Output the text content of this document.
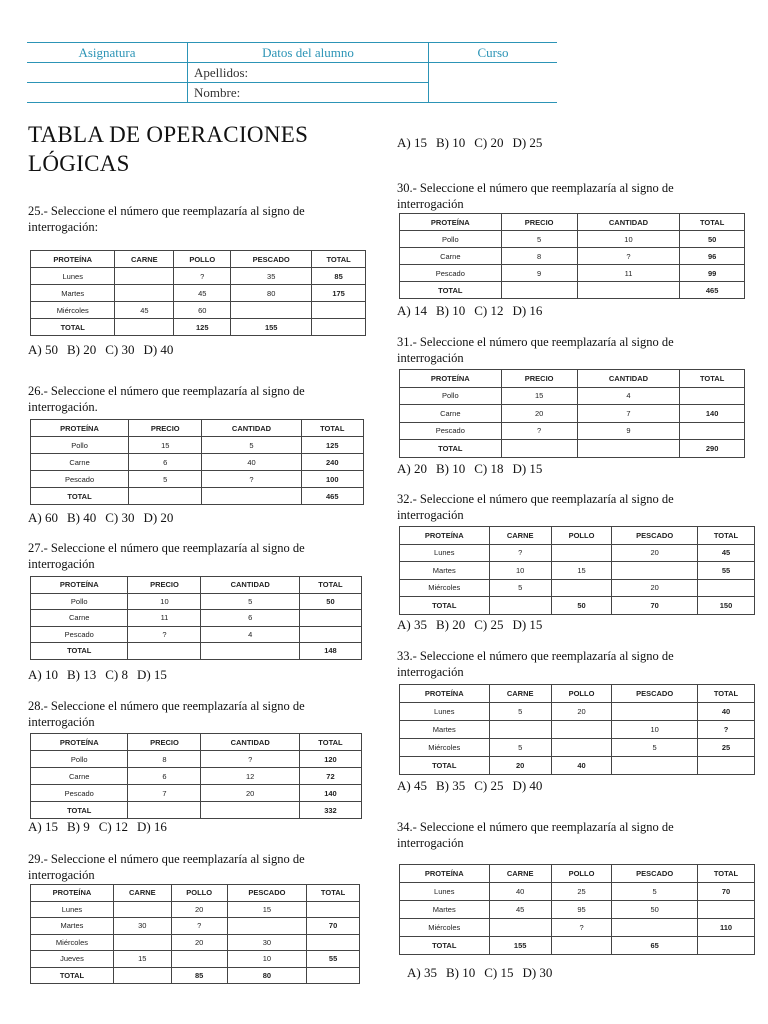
Asignatura	Datos del alumno	Curso
	Apellidos:	
	Nombre:	
TABLA DE OPERACIONES LÓGICAS
25.- Seleccione el número que reemplazaría al signo de interrogación:
PROTEÍNA	CARNE	POLLO	PESCADO	TOTAL
Lunes		?	35	85
Martes		45	80	175
Miércoles	45	60		
TOTAL		125	155	
A) 50 B) 20 C) 30 D) 40
26.- Seleccione el número que reemplazaría al signo de interrogación.
PROTEÍNA	PRECIO	CANTIDAD	TOTAL
Pollo	15	5	125
Carne	6	40	240
Pescado	5	?	100
TOTAL			465
A) 60 B) 40 C) 30 D) 20
27.- Seleccione el número que reemplazaría al signo de interrogación
PROTEÍNA	PRECIO	CANTIDAD	TOTAL
Pollo	10	5	50
Carne	11	6	
Pescado	?	4	
TOTAL			148
A) 10 B) 13 C) 8 D) 15
28.- Seleccione el número que reemplazaría al signo de interrogación
PROTEÍNA	PRECIO	CANTIDAD	TOTAL
Pollo	8	?	120
Carne	6	12	72
Pescado	7	20	140
TOTAL			332
A) 15 B) 9 C) 12 D) 16
29.- Seleccione el número que reemplazaría al signo de interrogación
PROTEÍNA	CARNE	POLLO	PESCADO	TOTAL
Lunes		20	15	
Martes	30	?		70
Miércoles		20	30	
Jueves	15		10	55
TOTAL		85	80	
A) 15 B) 10 C) 20 D) 25
30.- Seleccione el número que reemplazaría al signo de interrogación
PROTEÍNA	PRECIO	CANTIDAD	TOTAL
Pollo	5	10	50
Carne	8	?	96
Pescado	9	11	99
TOTAL			465
A) 14 B) 10 C) 12 D) 16
31.- Seleccione el número que reemplazaría al signo de interrogación
PROTEÍNA	PRECIO	CANTIDAD	TOTAL
Pollo	15	4	
Carne	20	7	140
Pescado	?	9	
TOTAL			290
A) 20 B) 10 C) 18 D) 15
32.- Seleccione el número que reemplazaría al signo de interrogación
PROTEÍNA	CARNE	POLLO	PESCADO	TOTAL
Lunes	?		20	45
Martes	10	15		55
Miércoles	5		20	
TOTAL		50	70	150
A) 35 B) 20 C) 25 D) 15
33.- Seleccione el número que reemplazaría al signo de interrogación
PROTEÍNA	CARNE	POLLO	PESCADO	TOTAL
Lunes	5	20		40
Martes			10	?
Miércoles	5		5	25
TOTAL	20	40		
A) 45 B) 35 C) 25 D) 40
34.- Seleccione el número que reemplazaría al signo de interrogación
PROTEÍNA	CARNE	POLLO	PESCADO	TOTAL
Lunes	40	25	5	70
Martes	45	95	50	
Miércoles		?		110
TOTAL	155		65	
A) 35 B) 10 C) 15 D) 30
